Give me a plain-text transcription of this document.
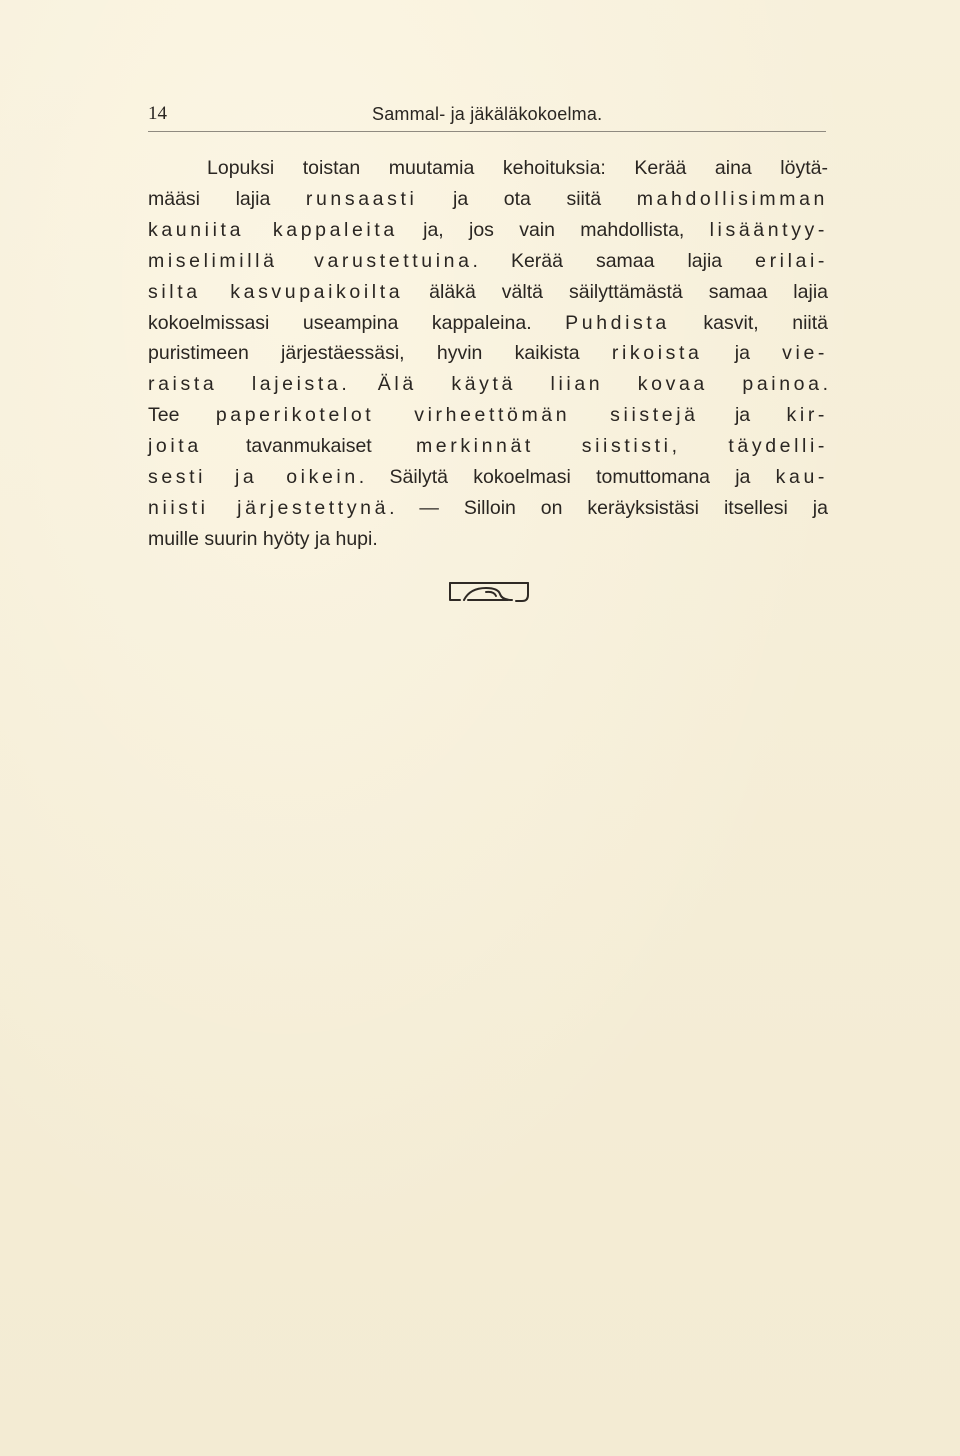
14	Sammal- ja jäkäläkokoelma.
Lopuksi toistan muutamia kehoituksia: Kerää aina löytä-
määsi lajia runsaasti ja ota siitä mahdollisimman
kauniita kappaleita ja, jos vain mahdollista, lisääntyy-
miselimillä varustettuina. Kerää samaa lajia erilai-
silta kasvupaikoilta äläkä vältä säilyttämästä samaa lajia
kokoelmissasi useampina kappaleina. Puhdista kasvit, niitä
puristimeen järjestäessäsi, hyvin kaikista rikoista ja vie-
raista lajeista. Älä käytä liian kovaa painoa.
Tee paperikotelot virheettömän siistejä ja kir-
joita tavanmukaiset merkinnät siististi, täydelli-
sesti ja oikein. Säilytä kokoelmasi tomuttomana ja kau-
niisti järjestettynä. — Silloin on keräyksistäsi itsellesi ja
muille suurin hyöty ja hupi.
